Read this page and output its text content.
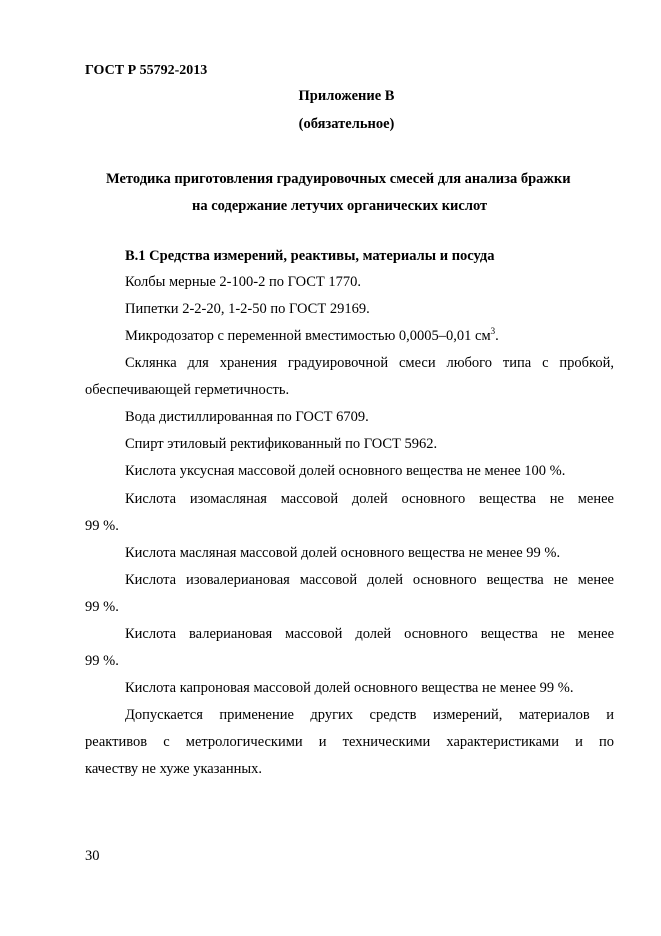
ГОСТ Р 55792-2013
Приложение В
(обязательное)
Методика приготовления градуировочных смесей для анализа бражки
на содержание летучих органических кислот
В.1 Средства измерений, реактивы, материалы и посуда
Колбы мерные 2-100-2 по ГОСТ 1770.
Пипетки 2-2-20, 1-2-50 по ГОСТ 29169.
Микродозатор с переменной вместимостью 0,0005–0,01 $см^3$.
Склянка для хранения градуировочной смеси любого типа с пробкой,
обеспечивающей герметичность.
Вода дистиллированная по ГОСТ 6709.
Спирт этиловый ректификованный по ГОСТ 5962.
Кислота уксусная массовой долей основного вещества не менее 100 %.
Кислота изомасляная массовой долей основного вещества не менее
99 %.
Кислота масляная массовой долей основного вещества не менее 99 %.
Кислота изовалериановая массовой долей основного вещества не менее
99 %.
Кислота валериановая массовой долей основного вещества не менее
99 %.
Кислота капроновая массовой долей основного вещества не менее 99 %.
Допускается применение других средств измерений, материалов и
реактивов с метрологическими и техническими характеристиками и по
качеству не хуже указанных.
30
